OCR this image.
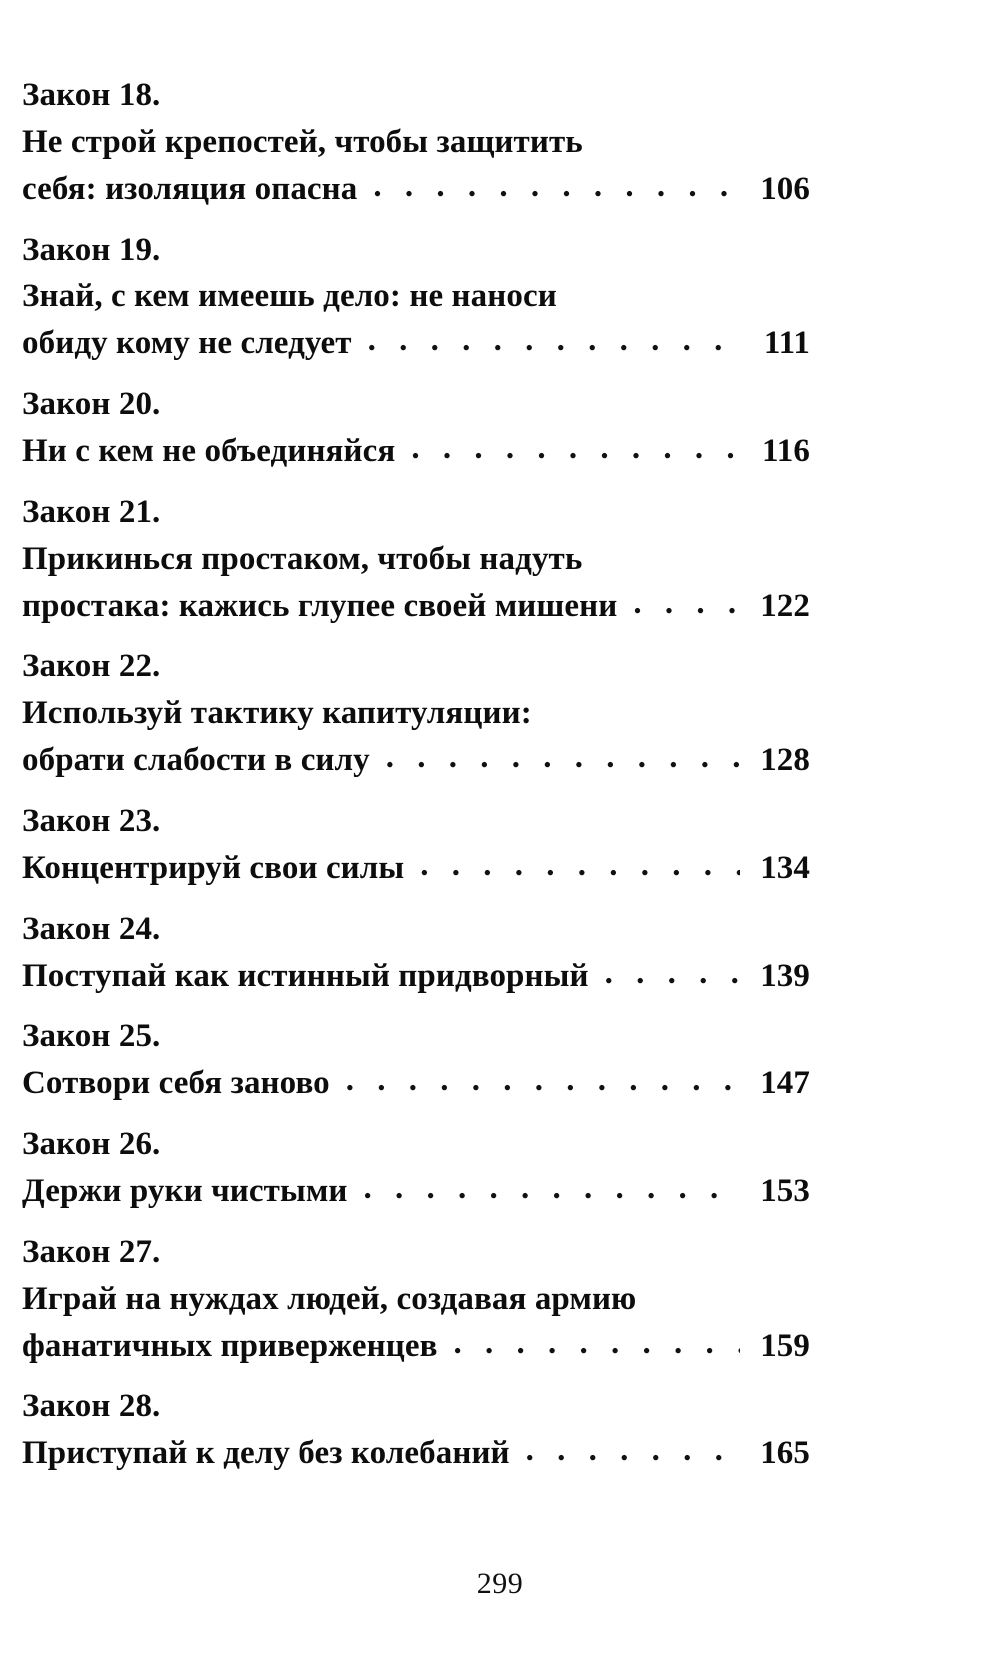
Закон 18.
Не строй крепостей, чтобы защитить
себя: изоляция опасна . . .	106
Закон 19.
Знай, с кем имеешь дело: не наноси
обиду кому не следует . . .	111
Закон 20.
Ни с кем не объединяйся . . .	116
Закон 21.
Прикинься простаком, чтобы надуть
простака: кажись глупее своей мишени . . .	122
Закон 22.
Используй тактику капитуляции:
обрати слабости в силу . . .	128
Закон 23.
Концентрируй свои силы . . .	134
Закон 24.
Поступай как истинный придворный . . .	139
Закон 25.
Сотвори себя заново . . .	147
Закон 26.
Держи руки чистыми . . .	153
Закон 27.
Играй на нуждах людей, создавая армию
фанатичных приверженцев . . .	159
Закон 28.
Приступай к делу без колебаний . . .	165
299
